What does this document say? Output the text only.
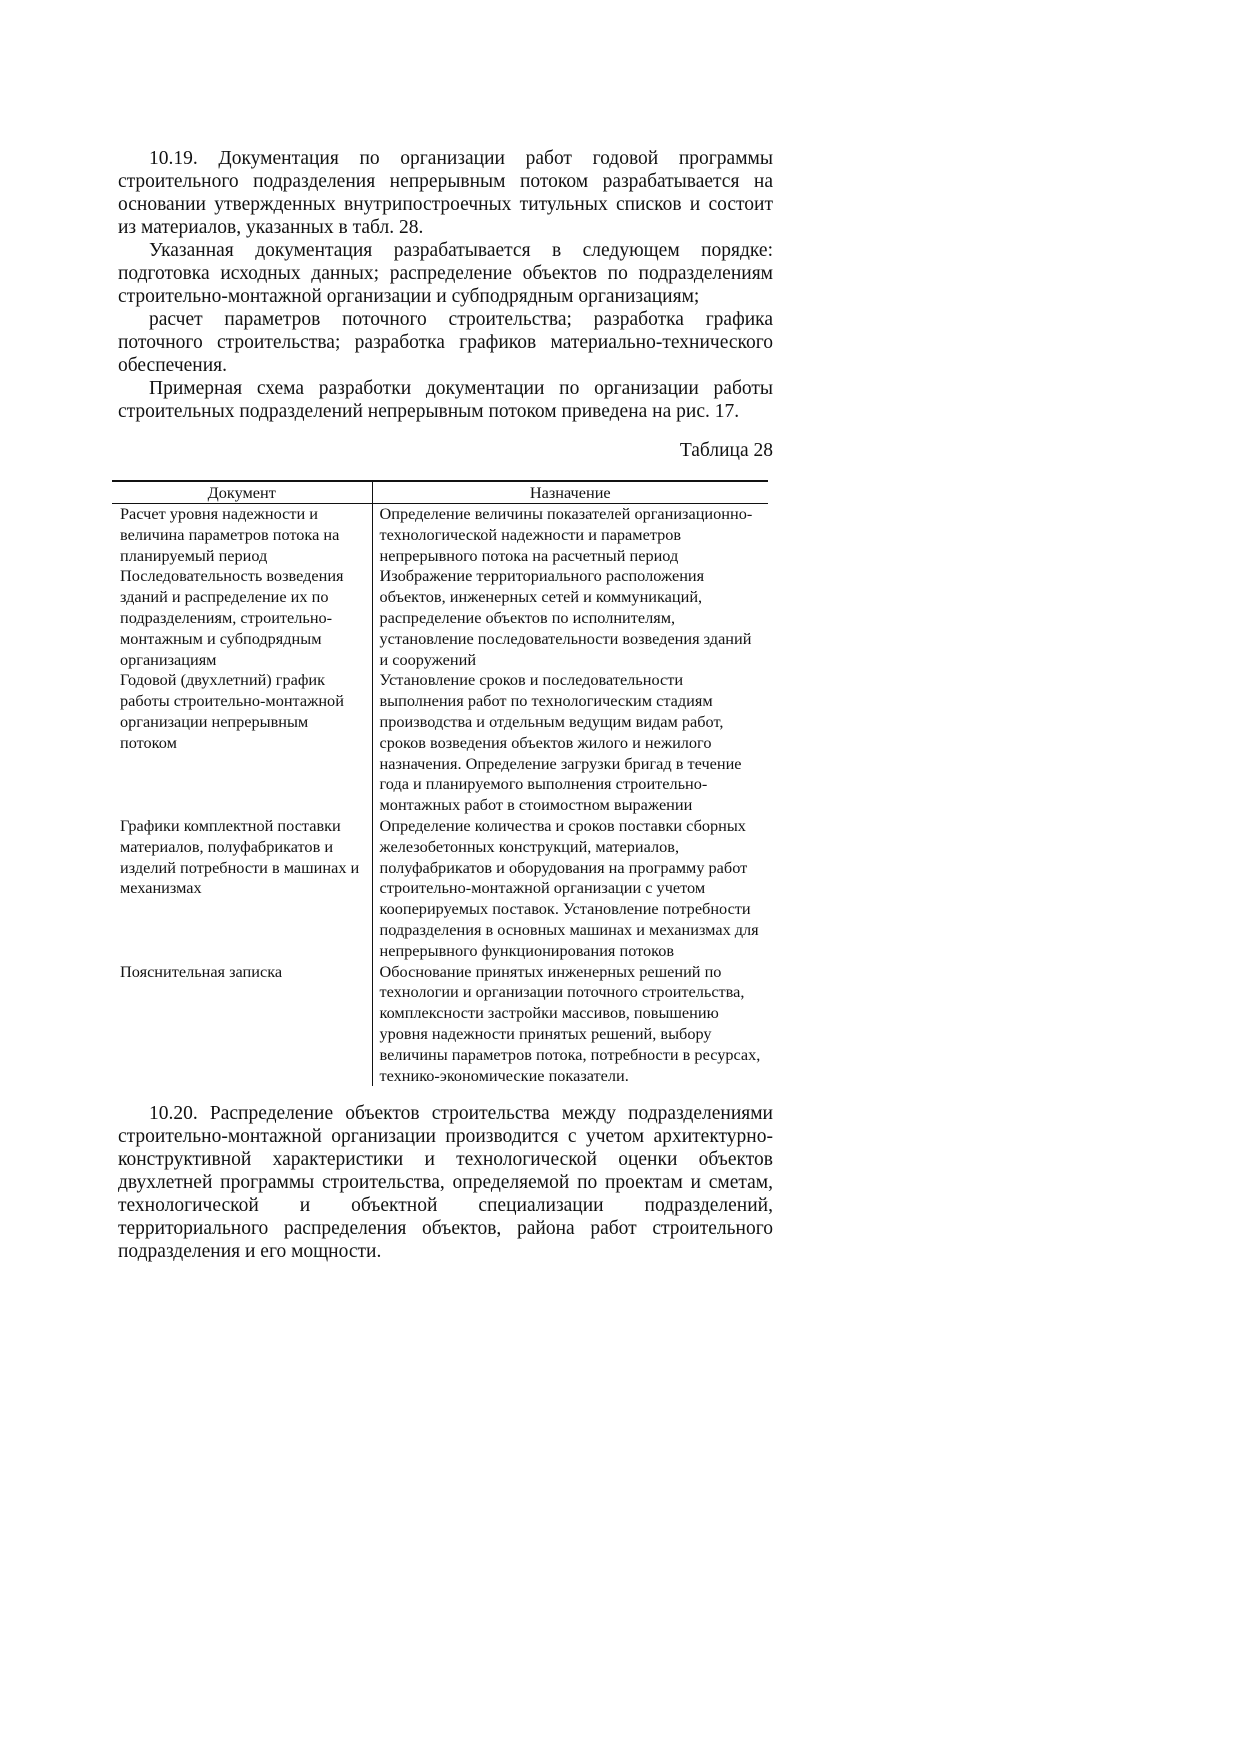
10.19. Документация по организации работ годовой программы строительного подразделения непрерывным потоком разрабатывается на основании утвержденных внутрипостроечных титульных списков и состоит из материалов, указанных в табл. 28.

Указанная документация разрабатывается в следующем порядке: подготовка исходных данных; распределение объектов по подразделениям строительно-монтажной организации и субподрядным организациям;

расчет параметров поточного строительства; разработка графика поточного строительства; разработка графиков материально-технического обеспечения.

Примерная схема разработки документации по организации работы строительных подразделений непрерывным потоком приведена на рис. 17.

Таблица 28

Документ	Назначение
Расчет уровня надежности и величина параметров потока на планируемый период	Определение величины показателей организационно-технологической надежности и параметров непрерывного потока на расчетный период
Последовательность возведения зданий и распределение их по подразделениям, строительно-монтажным и субподрядным организациям	Изображение территориального расположения объектов, инженерных сетей и коммуникаций, распределение объектов по исполнителям, установление последовательности возведения зданий и сооружений
Годовой (двухлетний) график работы строительно-монтажной организации непрерывным потоком	Установление сроков и последовательности выполнения работ по технологическим стадиям производства и отдельным ведущим видам работ, сроков возведения объектов жилого и нежилого назначения. Определение загрузки бригад в течение года и планируемого выполнения строительно-монтажных работ в стоимостном выражении
Графики комплектной поставки материалов, полуфабрикатов и изделий потребности в машинах и механизмах	Определение количества и сроков поставки сборных железобетонных конструкций, материалов, полуфабрикатов и оборудования на программу работ строительно-монтажной организации с учетом кооперируемых поставок. Установление потребности подразделения в основных машинах и механизмах для непрерывного функционирования потоков
Пояснительная записка	Обоснование принятых инженерных решений по технологии и организации поточного строительства, комплексности застройки массивов, повышению уровня надежности принятых решений, выбору величины параметров потока, потребности в ресурсах, технико-экономические показатели.

10.20. Распределение объектов строительства между подразделениями строительно-монтажной организации производится с учетом архитектурно-конструктивной характеристики и технологической оценки объектов двухлетней программы строительства, определяемой по проектам и сметам, технологической и объектной специализации подразделений, территориального распределения объектов, района работ строительного подразделения и его мощности.
